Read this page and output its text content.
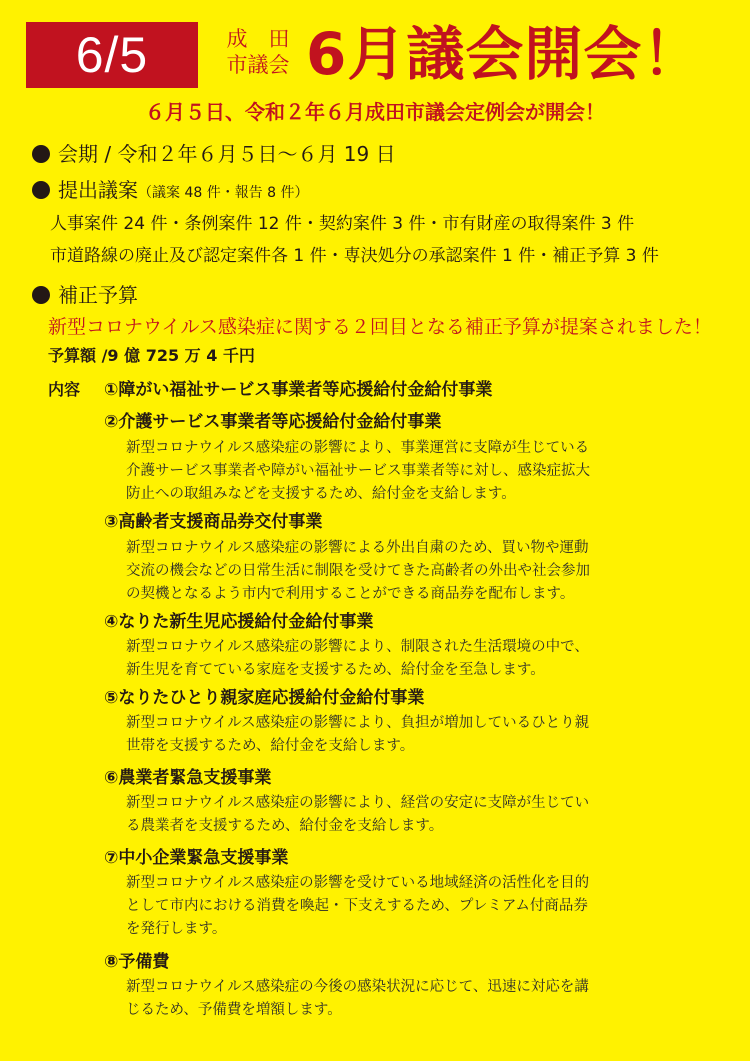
6/5	成　田
市議会 6月議会開会！
６月５日、令和２年６月成田市議会定例会が開会！
会期 / 令和２年６月５日〜６月 19 日
提出議案（議案 48 件・報告 8 件）
人事案件 24 件・条例案件 12 件・契約案件 3 件・市有財産の取得案件 3 件
市道路線の廃止及び認定案件各 1 件・専決処分の承認案件 1 件・補正予算 3 件
補正予算
新型コロナウイルス感染症に関する２回目となる補正予算が提案されました！
予算額 /9 億 725 万 4 千円
内容 ①障がい福祉サービス事業者等応援給付金給付事業
②介護サービス事業者等応援給付金給付事業
新型コロナウイルス感染症の影響により、事業運営に支障が生じている
介護サービス事業者や障がい福祉サービス事業者等に対し、感染症拡大
防止への取組みなどを支援するため、給付金を支給します。
③高齢者支援商品券交付事業
新型コロナウイルス感染症の影響による外出自粛のため、買い物や運動
交流の機会などの日常生活に制限を受けてきた高齢者の外出や社会参加
の契機となるよう市内で利用することができる商品券を配布します。
④なりた新生児応援給付金給付事業
新型コロナウイルス感染症の影響により、制限された生活環境の中で、
新生児を育てている家庭を支援するため、給付金を至急します。
⑤なりたひとり親家庭応援給付金給付事業
新型コロナウイルス感染症の影響により、負担が増加しているひとり親
世帯を支援するため、給付金を支給します。
⑥農業者緊急支援事業
新型コロナウイルス感染症の影響により、経営の安定に支障が生じてい
る農業者を支援するため、給付金を支給します。
⑦中小企業緊急支援事業
新型コロナウイルス感染症の影響を受けている地域経済の活性化を目的
として市内における消費を喚起・下支えするため、プレミアム付商品券
を発行します。
⑧予備費
新型コロナウイルス感染症の今後の感染状況に応じて、迅速に対応を講
じるため、予備費を増額します。
